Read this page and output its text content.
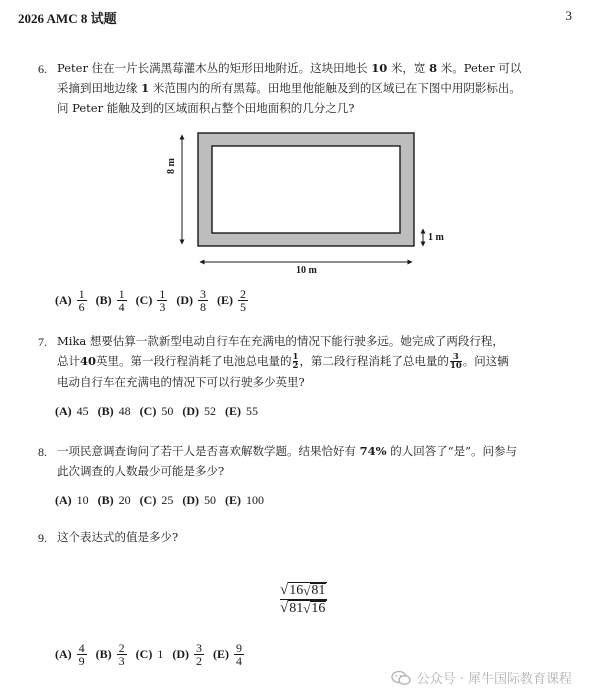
2026 AMC 8 试题	3
6. Peter 住在一片长满黑莓灌木丛的矩形田地附近。这块田地长 10 米，宽 8 米。Peter 可以
采摘到田地边缘 1 米范围内的所有黑莓。田地里他能触及到的区域已在下图中用阴影标出。
问 Peter 能触及到的区域面积占整个田地面积的几分之几?
8 m
10 m
1 m
$(A) \frac{1}{6} (B) \frac{1}{4} (C) \frac{1}{3} (D) \frac{3}{8} (E) \frac{2}{5}$
7. Mika 想要估算一款新型电动自行车在充满电的情况下能行驶多远。她完成了两段行程，
总计 40 英里。第一段行程消耗了电池总电量的 1
2 ，第二段行程消耗了总电量的 3
10 。问这辆
电动自行车在充满电的情况下可以行驶多少英里?
(A) 45 (B) 48 (C) 50 (D) 52 (E) 55
8. 一项民意调查询问了若干人是否喜欢解数学题。结果恰好有 74% 的人回答了“是”。问参与
此次调查的人数最少可能是多少?
(A) 10 (B) 20 (C) 25 (D) 50 (E) 100
9. 这个表达式的值是多少?
√ 16 √ 81
√ 81 √ 16
$(A) \frac{4}{9} (B) \frac{2}{3} (C)$ 1 $(D) \frac{3}{2} (E) \frac{9}{4}$
公众号 · 犀牛国际教育课程
